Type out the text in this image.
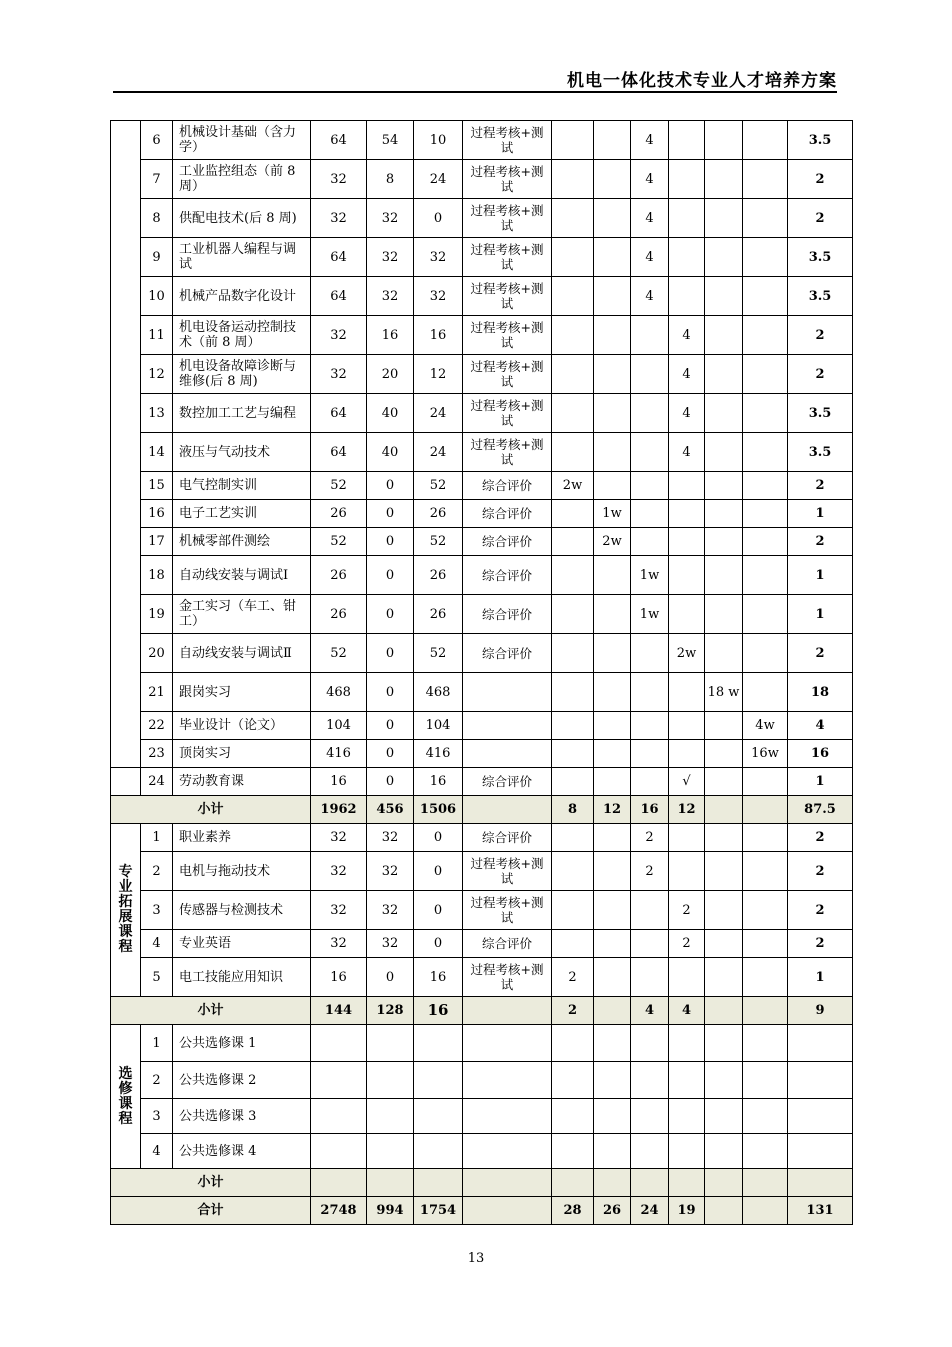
机电一体化技术专业人才培养方案
	6	机械设计基础（含力学）	64	54	10	过程考核+测试			4				3.5
	7	工业监控组态（前 8 周）	32	8	24	过程考核+测试			4				2
	8	供配电技术(后 8 周)	32	32	0	过程考核+测试			4				2
	9	工业机器人编程与调试	64	32	32	过程考核+测试			4				3.5
	10	机械产品数字化设计	64	32	32	过程考核+测试			4				3.5
	11	机电设备运动控制技术（前 8 周）	32	16	16	过程考核+测试				4			2
	12	机电设备故障诊断与维修(后 8 周)	32	20	12	过程考核+测试				4			2
	13	数控加工工艺与编程	64	40	24	过程考核+测试				4			3.5
	14	液压与气动技术	64	40	24	过程考核+测试				4			3.5
	15	电气控制实训	52	0	52	综合评价	2w						2
	16	电子工艺实训	26	0	26	综合评价		1w					1
	17	机械零部件测绘	52	0	52	综合评价		2w					2
	18	自动线安装与调试Ⅰ	26	0	26	综合评价			1w				1
	19	金工实习（车工、钳工）	26	0	26	综合评价			1w				1
	20	自动线安装与调试Ⅱ	52	0	52	综合评价				2w			2
	21	跟岗实习	468	0	468						18 w		18
	22	毕业设计（论文）	104	0	104							4w	4
	23	顶岗实习	416	0	416							16w	16
	24	劳动教育课	16	0	16	综合评价				√			1
小计			1962	456	1506		8	12	16	12			87.5
专业拓展课程	1	职业素养	32	32	0	综合评价			2				2
	2	电机与拖动技术	32	32	0	过程考核+测试			2				2
	3	传感器与检测技术	32	32	0	过程考核+测试				2			2
	4	专业英语	32	32	0	综合评价				2			2
	5	电工技能应用知识	16	0	16	过程考核+测试	2						1
小计			144	128	16		2		4	4			9
选修课程	1	公共选修课 1											
	2	公共选修课 2											
	3	公共选修课 3											
	4	公共选修课 4											
小计													
合计			2748	994	1754		28	26	24	19			131
13
